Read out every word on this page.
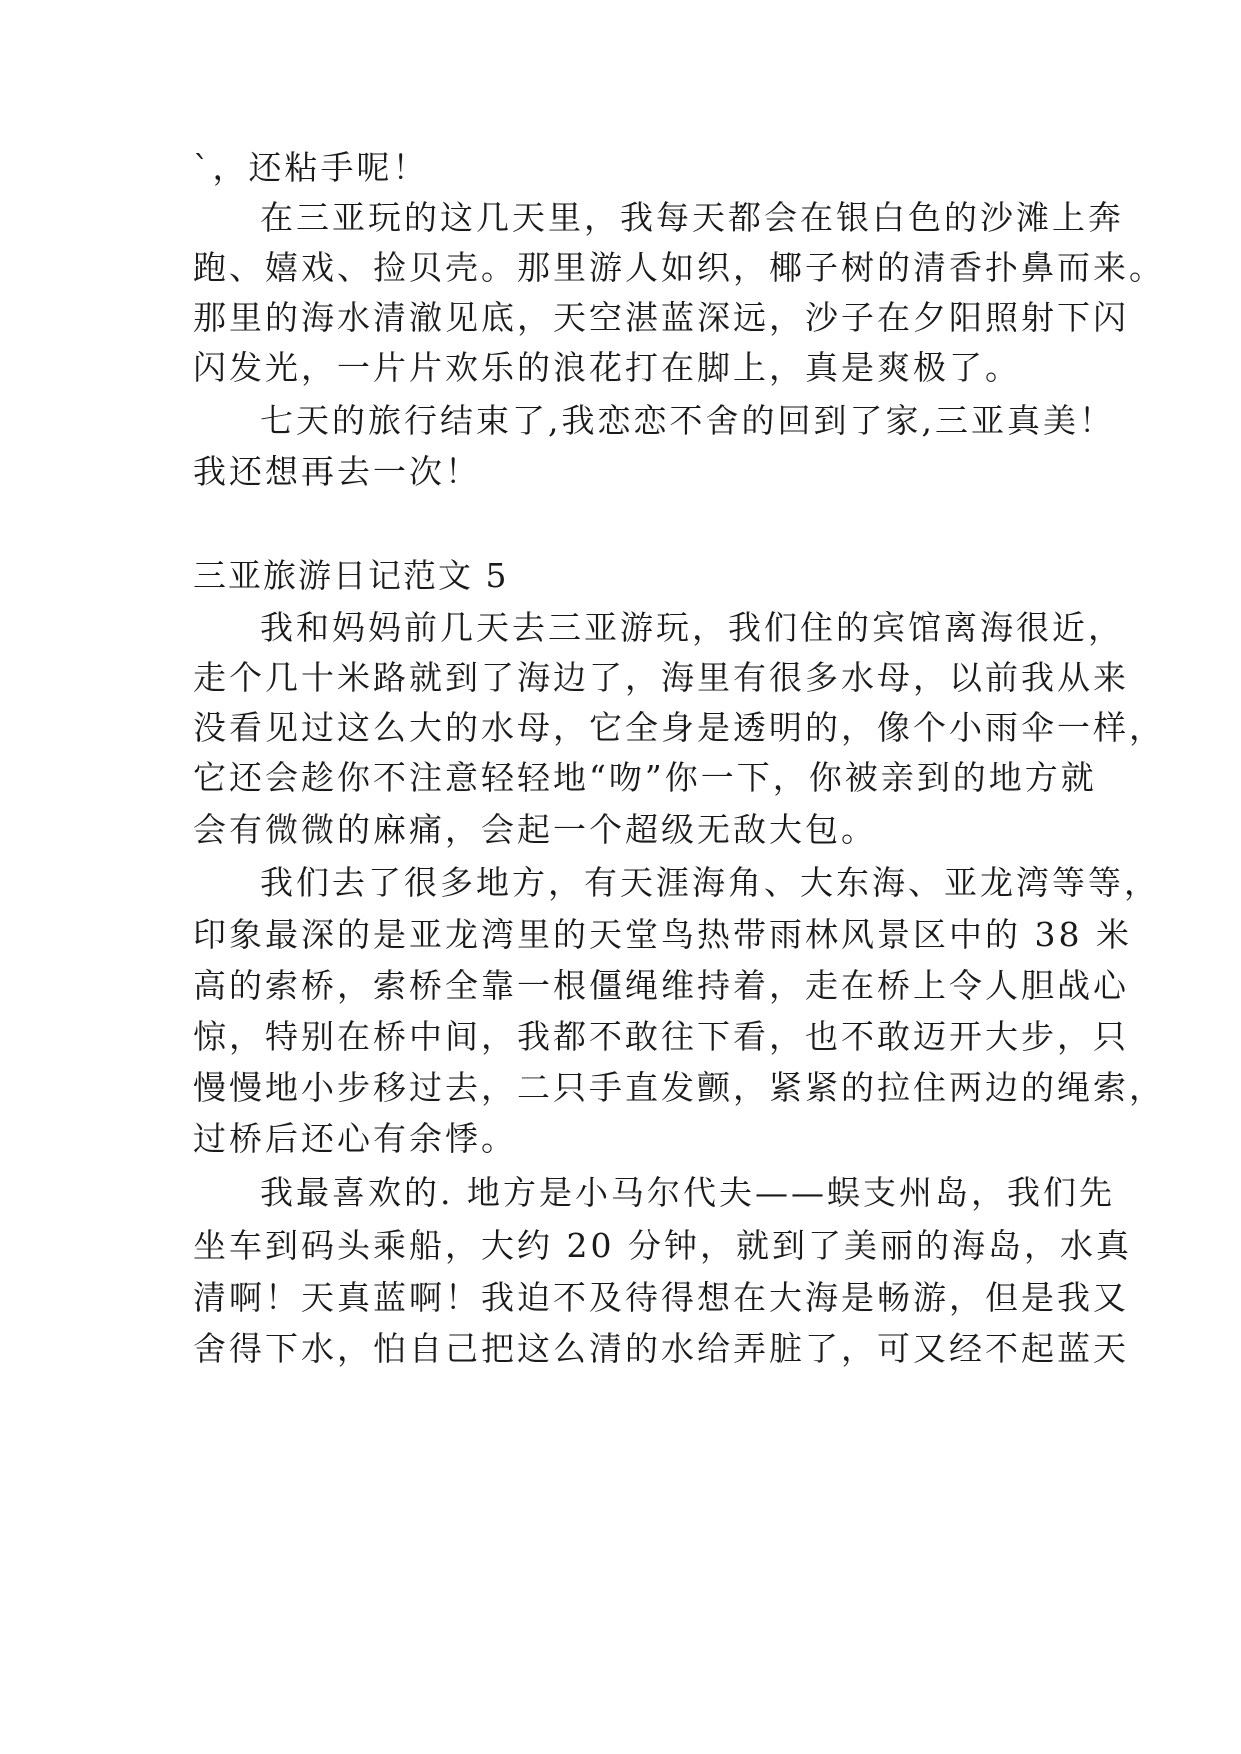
`，还粘手呢！
在三亚玩的这几天里，我每天都会在银白色的沙滩上奔
跑、嬉戏、捡贝壳。那里游人如织，椰子树的清香扑鼻而来。
那里的海水清澈见底，天空湛蓝深远，沙子在夕阳照射下闪
闪发光，一片片欢乐的浪花打在脚上，真是爽极了。
七天的旅行结束了,我恋恋不舍的回到了家,三亚真美！
我还想再去一次！
三亚旅游日记范文 5
我和妈妈前几天去三亚游玩，我们住的宾馆离海很近，
走个几十米路就到了海边了，海里有很多水母，以前我从来
没看见过这么大的水母，它全身是透明的，像个小雨伞一样，
它还会趁你不注意轻轻地“吻”你一下，你被亲到的地方就
会有微微的麻痛，会起一个超级无敌大包。
我们去了很多地方，有天涯海角、大东海、亚龙湾等等，
印象最深的是亚龙湾里的天堂鸟热带雨林风景区中的 38 米
高的索桥，索桥全靠一根僵绳维持着，走在桥上令人胆战心
惊，特别在桥中间，我都不敢往下看，也不敢迈开大步，只
慢慢地小步移过去，二只手直发颤，紧紧的拉住两边的绳索，
过桥后还心有余悸。
我最喜欢的. 地方是小马尔代夫——蜈支州岛，我们先
坐车到码头乘船，大约 20 分钟，就到了美丽的海岛，水真
清啊！天真蓝啊！我迫不及待得想在大海是畅游，但是我又
舍得下水，怕自己把这么清的水给弄脏了，可又经不起蓝天
